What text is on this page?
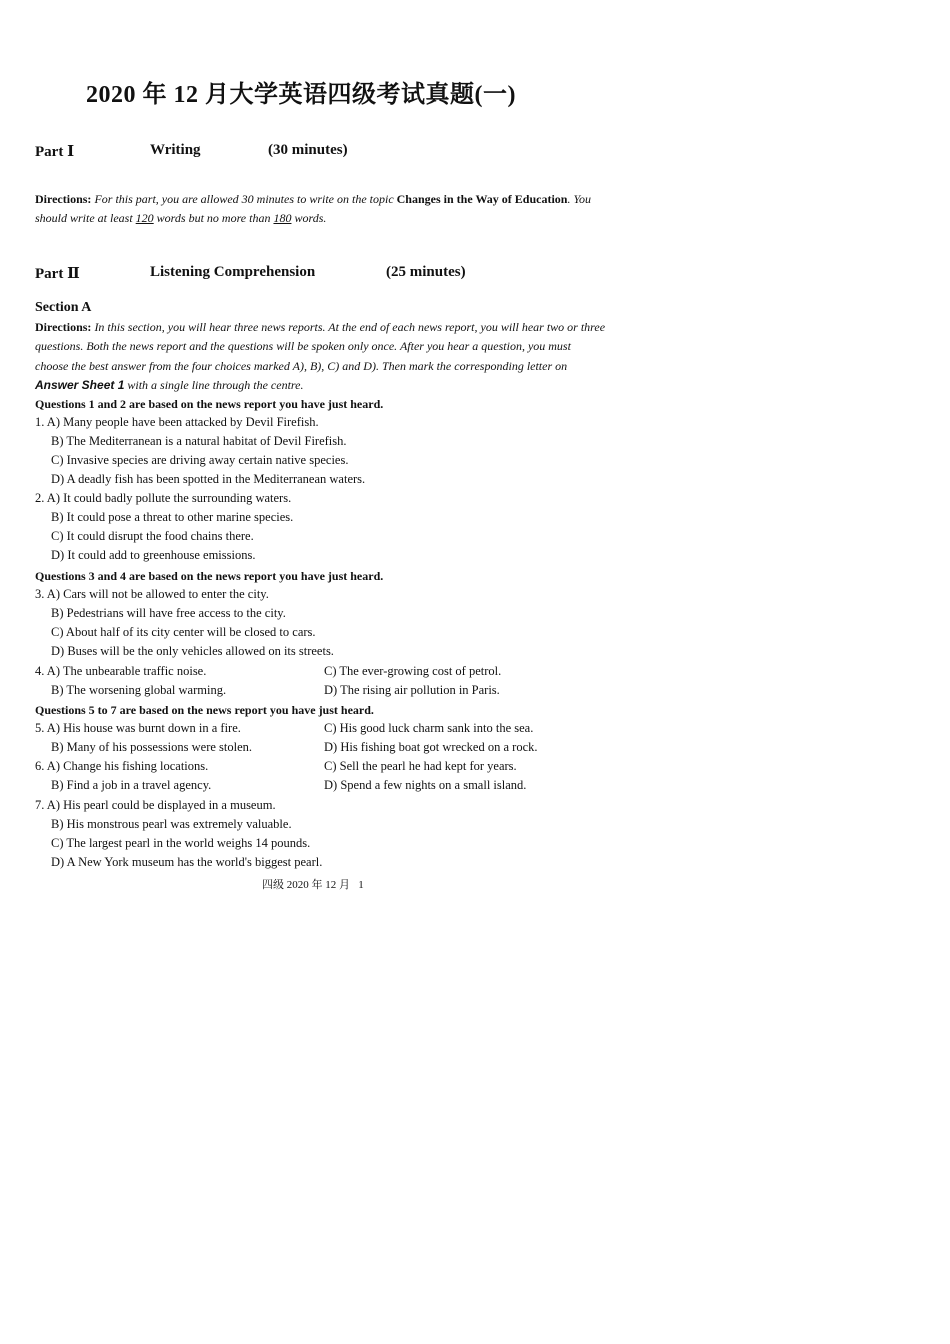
2020 年 12 月大学英语四级考试真题(一)
Part Ⅰ	Writing	(30 minutes)
Directions: For this part, you are allowed 30 minutes to write on the topic Changes in the Way of Education. You should write at least 120 words but no more than 180 words.
Part Ⅱ	Listening Comprehension	(25 minutes)
Section A
Directions: In this section, you will hear three news reports. At the end of each news report, you will hear two or three questions. Both the news report and the questions will be spoken only once. After you hear a question, you must choose the best answer from the four choices marked A), B), C) and D). Then mark the corresponding letter on Answer Sheet 1 with a single line through the centre.
Questions 1 and 2 are based on the news report you have just heard.
1. A) Many people have been attacked by Devil Firefish.
B) The Mediterranean is a natural habitat of Devil Firefish.
C) Invasive species are driving away certain native species.
D) A deadly fish has been spotted in the Mediterranean waters.
2. A) It could badly pollute the surrounding waters.
B) It could pose a threat to other marine species.
C) It could disrupt the food chains there.
D) It could add to greenhouse emissions.
Questions 3 and 4 are based on the news report you have just heard.
3. A) Cars will not be allowed to enter the city.
B) Pedestrians will have free access to the city.
C) About half of its city center will be closed to cars.
D) Buses will be the only vehicles allowed on its streets.
4. A) The unbearable traffic noise.	C) The ever-growing cost of petrol.
B) The worsening global warming.	D) The rising air pollution in Paris.
Questions 5 to 7 are based on the news report you have just heard.
5. A) His house was burnt down in a fire.	C) His good luck charm sank into the sea.
B) Many of his possessions were stolen.	D) His fishing boat got wrecked on a rock.
6. A) Change his fishing locations.	C) Sell the pearl he had kept for years.
B) Find a job in a travel agency.	D) Spend a few nights on a small island.
7. A) His pearl could be displayed in a museum.
B) His monstrous pearl was extremely valuable.
C) The largest pearl in the world weighs 14 pounds.
D) A New York museum has the world's biggest pearl.
四级 2020 年 12 月   1
